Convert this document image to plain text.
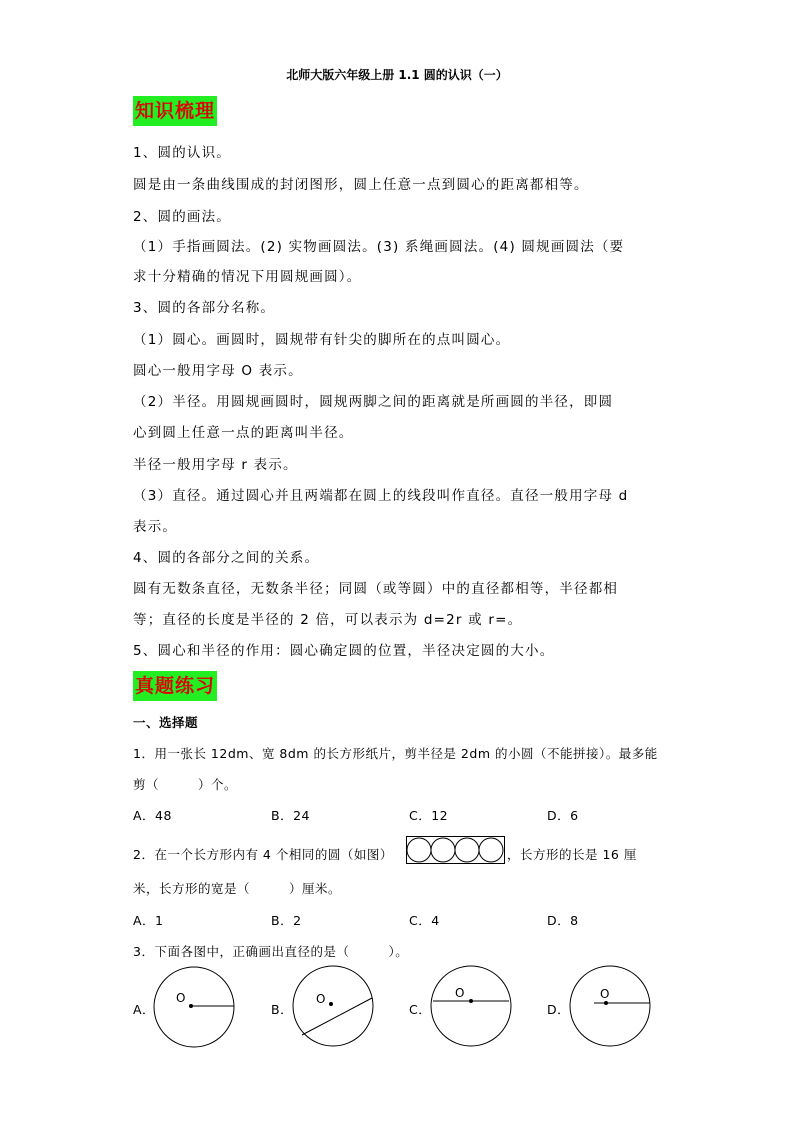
北师大版六年级上册 1.1 圆的认识（一）
知识梳理
1、圆的认识。
圆是由一条曲线围成的封闭图形，圆上任意一点到圆心的距离都相等。
2、圆的画法。
（1）手指画圆法。(2) 实物画圆法。(3) 系绳画圆法。(4) 圆规画圆法（要
求十分精确的情况下用圆规画圆）。
3、圆的各部分名称。
（1）圆心。画圆时，圆规带有针尖的脚所在的点叫圆心。
圆心一般用字母 O 表示。
（2）半径。用圆规画圆时，圆规两脚之间的距离就是所画圆的半径，即圆
心到圆上任意一点的距离叫半径。
半径一般用字母 r 表示。
（3）直径。通过圆心并且两端都在圆上的线段叫作直径。直径一般用字母 d
表示。
4、圆的各部分之间的关系。
圆有无数条直径，无数条半径；同圆（或等圆）中的直径都相等，半径都相
等；直径的长度是半径的 2 倍，可以表示为 d=2r 或 r=。
5、圆心和半径的作用：圆心确定圆的位置，半径决定圆的大小。
真题练习
一、选择题
1．用一张长 12dm、宽 8dm 的长方形纸片，剪半径是 2dm 的小圆（不能拼接）。最多能
剪（　　　）个。
A．48	B．24	C．12	D．6
2．在一个长方形内有 4 个相同的圆（如图）	，长方形的长是 16 厘
米，长方形的宽是（　　　）厘米。
A．1	B．2	C．4	D．8
3．下面各图中，正确画出直径的是（　　　）。
A．
O
B．
O
C．
O
D．
O
